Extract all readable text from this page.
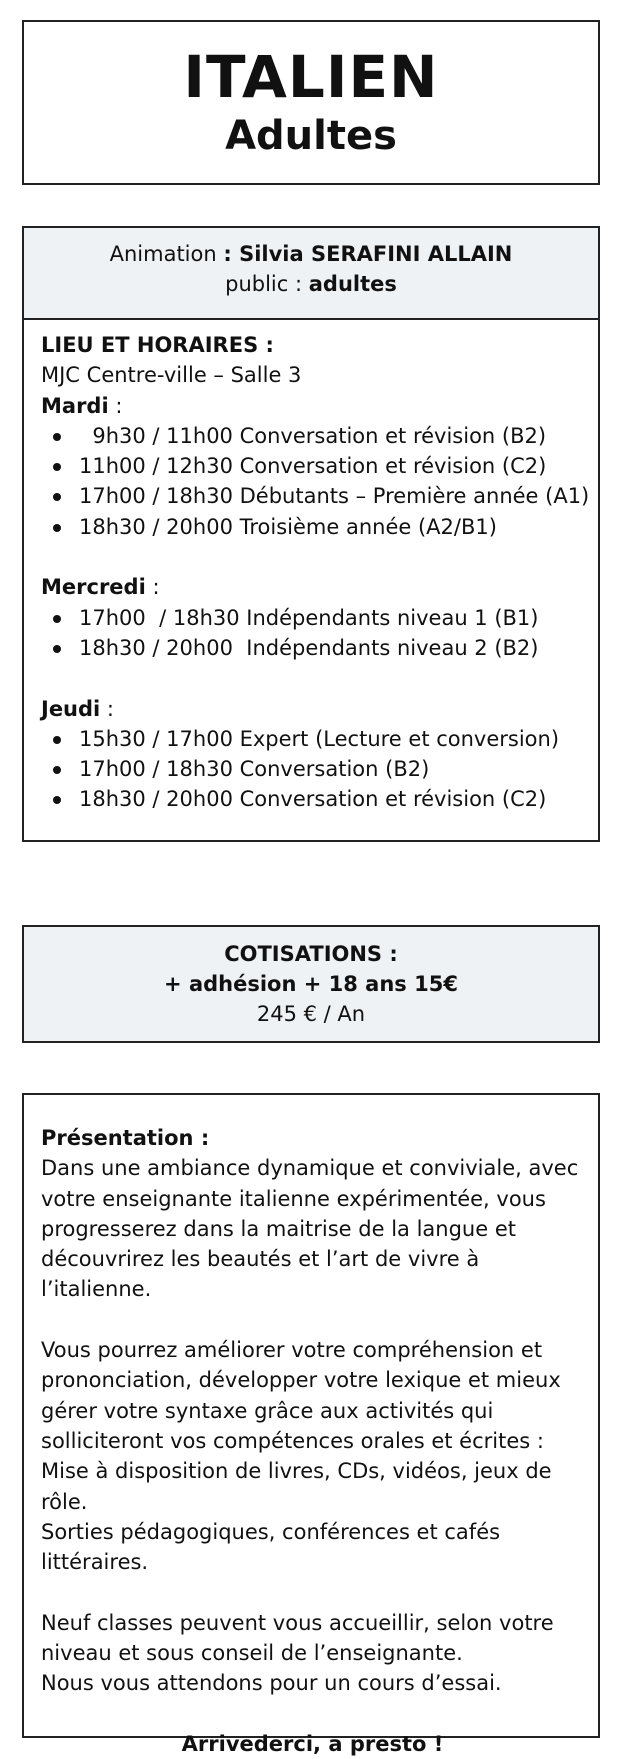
ITALIEN
Adultes
Animation : Silvia SERAFINI ALLAIN
public : adultes
LIEU ET HORAIRES :
MJC Centre-ville – Salle 3
Mardi :
9h30 / 11h00 Conversation et révision (B2)
11h00 / 12h30 Conversation et révision (C2)
17h00 / 18h30 Débutants – Première année (A1)
18h30 / 20h00 Troisième année (A2/B1)
Mercredi :
17h00  / 18h30 Indépendants niveau 1 (B1)
18h30 / 20h00  Indépendants niveau 2 (B2)
Jeudi :
15h30 / 17h00 Expert (Lecture et conversion)
17h00 / 18h30 Conversation (B2)
18h30 / 20h00 Conversation et révision (C2)
COTISATIONS :
+ adhésion + 18 ans 15€
245 € / An

Présentation :

Dans une ambiance dynamique et conviviale, avec
votre enseignante italienne expérimentée, vous
progresserez dans la maitrise de la langue et
découvrirez les beautés et l’art de vivre à l’italienne.

Vous pourrez améliorer votre compréhension et
prononciation, développer votre lexique et mieux
gérer votre syntaxe grâce aux activités qui
solliciteront vos compétences orales et écrites :
Mise à disposition de livres, CDs, vidéos, jeux de
rôle.
Sorties pédagogiques, conférences et cafés
littéraires.

Neuf classes peuvent vous accueillir, selon votre
niveau et sous conseil de l’enseignante.
Nous vous attendons pour un cours d’essai.

Arrivederci, a presto !
